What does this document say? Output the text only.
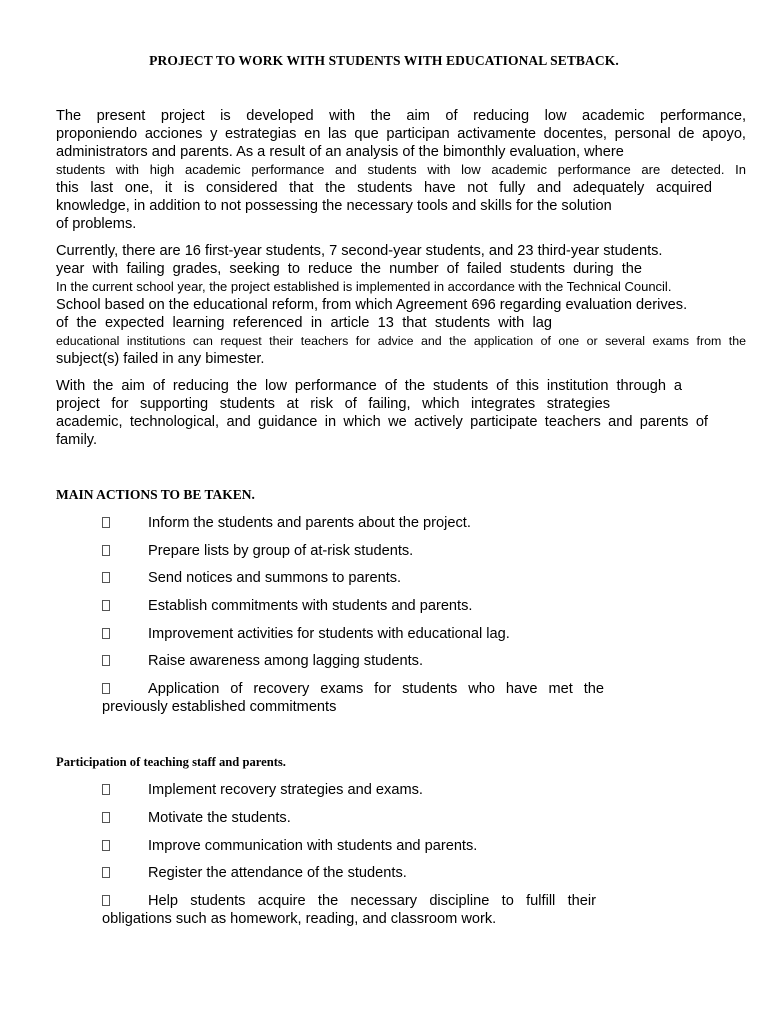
PROJECT TO WORK WITH STUDENTS WITH EDUCATIONAL SETBACK.
The present project is developed with the aim of reducing low academic performance,
proponiendo acciones y estrategias en las que participan activamente docentes, personal de apoyo,
administrators and parents. As a result of an analysis of the bimonthly evaluation, where
students with high academic performance and students with low academic performance are detected. In
this last one, it is considered that the students have not fully and adequately acquired
knowledge, in addition to not possessing the necessary tools and skills for the solution
of problems.
Currently, there are 16 first-year students, 7 second-year students, and 23 third-year students.
year with failing grades, seeking to reduce the number of failed students during the
In the current school year, the project established is implemented in accordance with the Technical Council.
School based on the educational reform, from which Agreement 696 regarding evaluation derives.
of the expected learning referenced in article 13 that students with lag
educational institutions can request their teachers for advice and the application of one or several exams from the
subject(s) failed in any bimester.
With the aim of reducing the low performance of the students of this institution through a
project for supporting students at risk of failing, which integrates strategies
academic, technological, and guidance in which we actively participate teachers and parents of
family.
MAIN ACTIONS TO BE TAKEN.
Inform the students and parents about the project.
Prepare lists by group of at-risk students.
Send notices and summons to parents.
Establish commitments with students and parents.
Improvement activities for students with educational lag.
Raise awareness among lagging students.
Application of recovery exams for students who have met the
previously established commitments
Participation of teaching staff and parents.
Implement recovery strategies and exams.
Motivate the students.
Improve communication with students and parents.
Register the attendance of the students.
Help students acquire the necessary discipline to fulfill their
obligations such as homework, reading, and classroom work.
